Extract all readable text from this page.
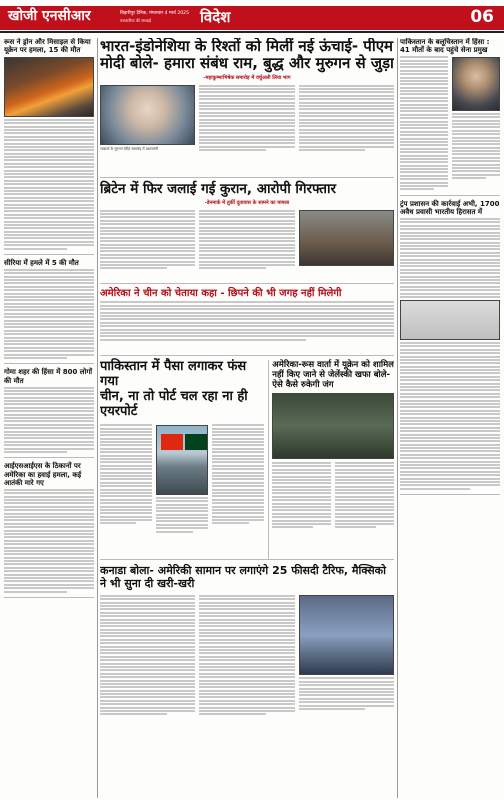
खोजी एनसीआर	बिहारीपुर दैनिक, मंगलवार 4 मार्च 2025
पत्रकारिता की सच्चाई	विदेश	06
रूस ने ड्रोन और मिसाइल से किया यूक्रेन पर हमला, 15 की मौत
सीरिया में हमले में 5 की मौत
गोमा शहर की हिंसा में 800 लोगों की मौत
आईएसआईएस के ठिकानों पर अमेरिका का हवाई हमला, कई आतंकी मारे गए
भारत-इंडोनेशिया के रिश्तों को मिलीं नई ऊंचाई- पीएम
मोदी बोले- हमारा संबंध राम, बुद्ध और मुरुगन से जुड़ा
-महाकुम्भाभिषेक समारोह में वर्चुअली लिया भाग
जकार्ता के मुरुगन मंदिर समारोह में प्रधानमंत्री
ब्रिटेन में फिर जलाई गई कुरान, आरोपी गिरफ्तार
-डेनमार्क में तुर्की दूतावास के सामने का मामला
अमेरिका ने चीन को चेताया कहा - छिपने की भी जगह नहीं मिलेगी
पाकिस्तान में पैसा लगाकर फंस गया
चीन, ना तो पोर्ट चल रहा ना ही एयरपोर्ट
अमेरिका-रूस वार्ता में यूक्रेन को शामिल नहीं किए जाने से जेलेंस्की खफा बोले- ऐसे कैसे रुकेगी जंग
कनाडा बोला- अमेरिकी सामान पर लगाएंगे 25 फीसदी टैरिफ, मैक्सिको ने भी सुना दी खरी-खरी
पाकिस्तान के बलूचिस्तान में हिंसा : 41 मौतों के बाद पहुंचे सेना प्रमुख
ट्रंप प्रशासन की कार्रवाई अभी, 1700 अवैध प्रवासी भारतीय हिरासत में
